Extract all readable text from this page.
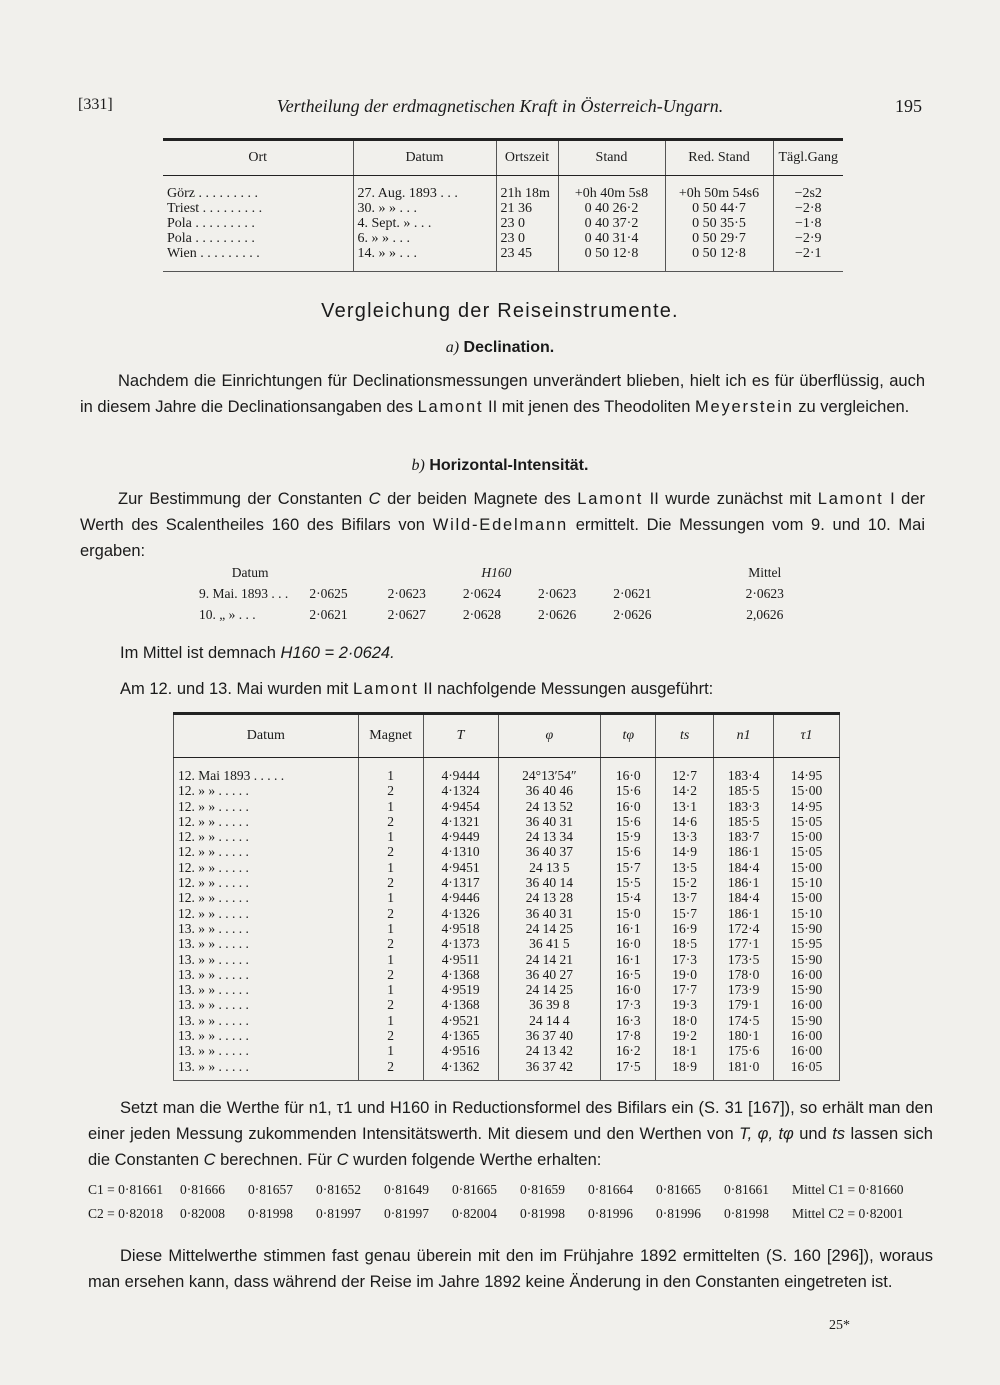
[331]	Vertheilung der erdmagnetischen Kraft in Österreich-Ungarn.	195
Ort	Datum	Ortszeit	Stand	Red. Stand	Tägl.Gang
Görz . . . . . . . . .	27. Aug. 1893 . . .	21h 18m	+0h 40m 5s8	+0h 50m 54s6	−2s2
Triest . . . . . . . . .	30. » » . . .	21 36	0 40 26·2	0 50 44·7	−2·8
Pola . . . . . . . . .	4. Sept. » . . .	23 0	0 40 37·2	0 50 35·5	−1·8
Pola . . . . . . . . .	6. » » . . .	23 0	0 40 31·4	0 50 29·7	−2·9
Wien . . . . . . . . .	14. » » . . .	23 45	0 50 12·8	0 50 12·8	−2·1
Vergleichung der Reiseinstrumente.
a) Declination.
Nachdem die Einrichtungen für Declinationsmessungen unverändert blieben, hielt ich es für überflüssig, auch in diesem Jahre die Declinationsangaben des Lamont II mit jenen des Theodoliten Meyerstein zu vergleichen.
b) Horizontal-Intensität.
Zur Bestimmung der Constanten C der beiden Magnete des Lamont II wurde zunächst mit Lamont I der Werth des Scalentheiles 160 des Bifilars von Wild-Edelmann ermittelt. Die Messungen vom 9. und 10. Mai ergaben:
Datum			H160			Mittel
9. Mai. 1893 . . .	2·0625	2·0623	2·0624	2·0623	2·0621	2·0623
10. „ » . . .	2·0621	2·0627	2·0628	2·0626	2·0626	2,0626
Im Mittel ist demnach H160 = 2·0624.
Am 12. und 13. Mai wurden mit Lamont II nachfolgende Messungen ausgeführt:
Datum	Magnet	T	φ	tφ	ts	n1	τ1
12. Mai 1893 . . . . .	1	4·9444	24°13′54″	16·0	12·7	183·4	14·95
12. » » . . . . .	2	4·1324	36 40 46	15·6	14·2	185·5	15·00
12. » » . . . . .	1	4·9454	24 13 52	16·0	13·1	183·3	14·95
12. » » . . . . .	2	4·1321	36 40 31	15·6	14·6	185·5	15·05
12. » » . . . . .	1	4·9449	24 13 34	15·9	13·3	183·7	15·00
12. » » . . . . .	2	4·1310	36 40 37	15·6	14·9	186·1	15·05
12. » » . . . . .	1	4·9451	24 13 5	15·7	13·5	184·4	15·00
12. » » . . . . .	2	4·1317	36 40 14	15·5	15·2	186·1	15·10
12. » » . . . . .	1	4·9446	24 13 28	15·4	13·7	184·4	15·00
12. » » . . . . .	2	4·1326	36 40 31	15·0	15·7	186·1	15·10
13. » » . . . . .	1	4·9518	24 14 25	16·1	16·9	172·4	15·90
13. » » . . . . .	2	4·1373	36 41 5	16·0	18·5	177·1	15·95
13. » » . . . . .	1	4·9511	24 14 21	16·1	17·3	173·5	15·90
13. » » . . . . .	2	4·1368	36 40 27	16·5	19·0	178·0	16·00
13. » » . . . . .	1	4·9519	24 14 25	16·0	17·7	173·9	15·90
13. » » . . . . .	2	4·1368	36 39 8	17·3	19·3	179·1	16·00
13. » » . . . . .	1	4·9521	24 14 4	16·3	18·0	174·5	15·90
13. » » . . . . .	2	4·1365	36 37 40	17·8	19·2	180·1	16·00
13. » » . . . . .	1	4·9516	24 13 42	16·2	18·1	175·6	16·00
13. » » . . . . .	2	4·1362	36 37 42	17·5	18·9	181·0	16·05
Setzt man die Werthe für n1, τ1 und H160 in Reductionsformel des Bifilars ein (S. 31 [167]), so erhält man den einer jeden Messung zukommenden Intensitätswerth. Mit diesem und den Werthen von T, φ, tφ und ts lassen sich die Constanten C berechnen. Für C wurden folgende Werthe erhalten:
C1 = 0·81661 0·81666 0·81657 0·81652 0·81649 0·81665 0·81659 0·81664 0·81665 0·81661 Mittel C1 = 0·81660
C2 = 0·82018 0·82008 0·81998 0·81997 0·81997 0·82004 0·81998 0·81996 0·81996 0·81998 Mittel C2 = 0·82001
Diese Mittelwerthe stimmen fast genau überein mit den im Frühjahre 1892 ermittelten (S. 160 [296]), woraus man ersehen kann, dass während der Reise im Jahre 1892 keine Änderung in den Constanten eingetreten ist.
25*
